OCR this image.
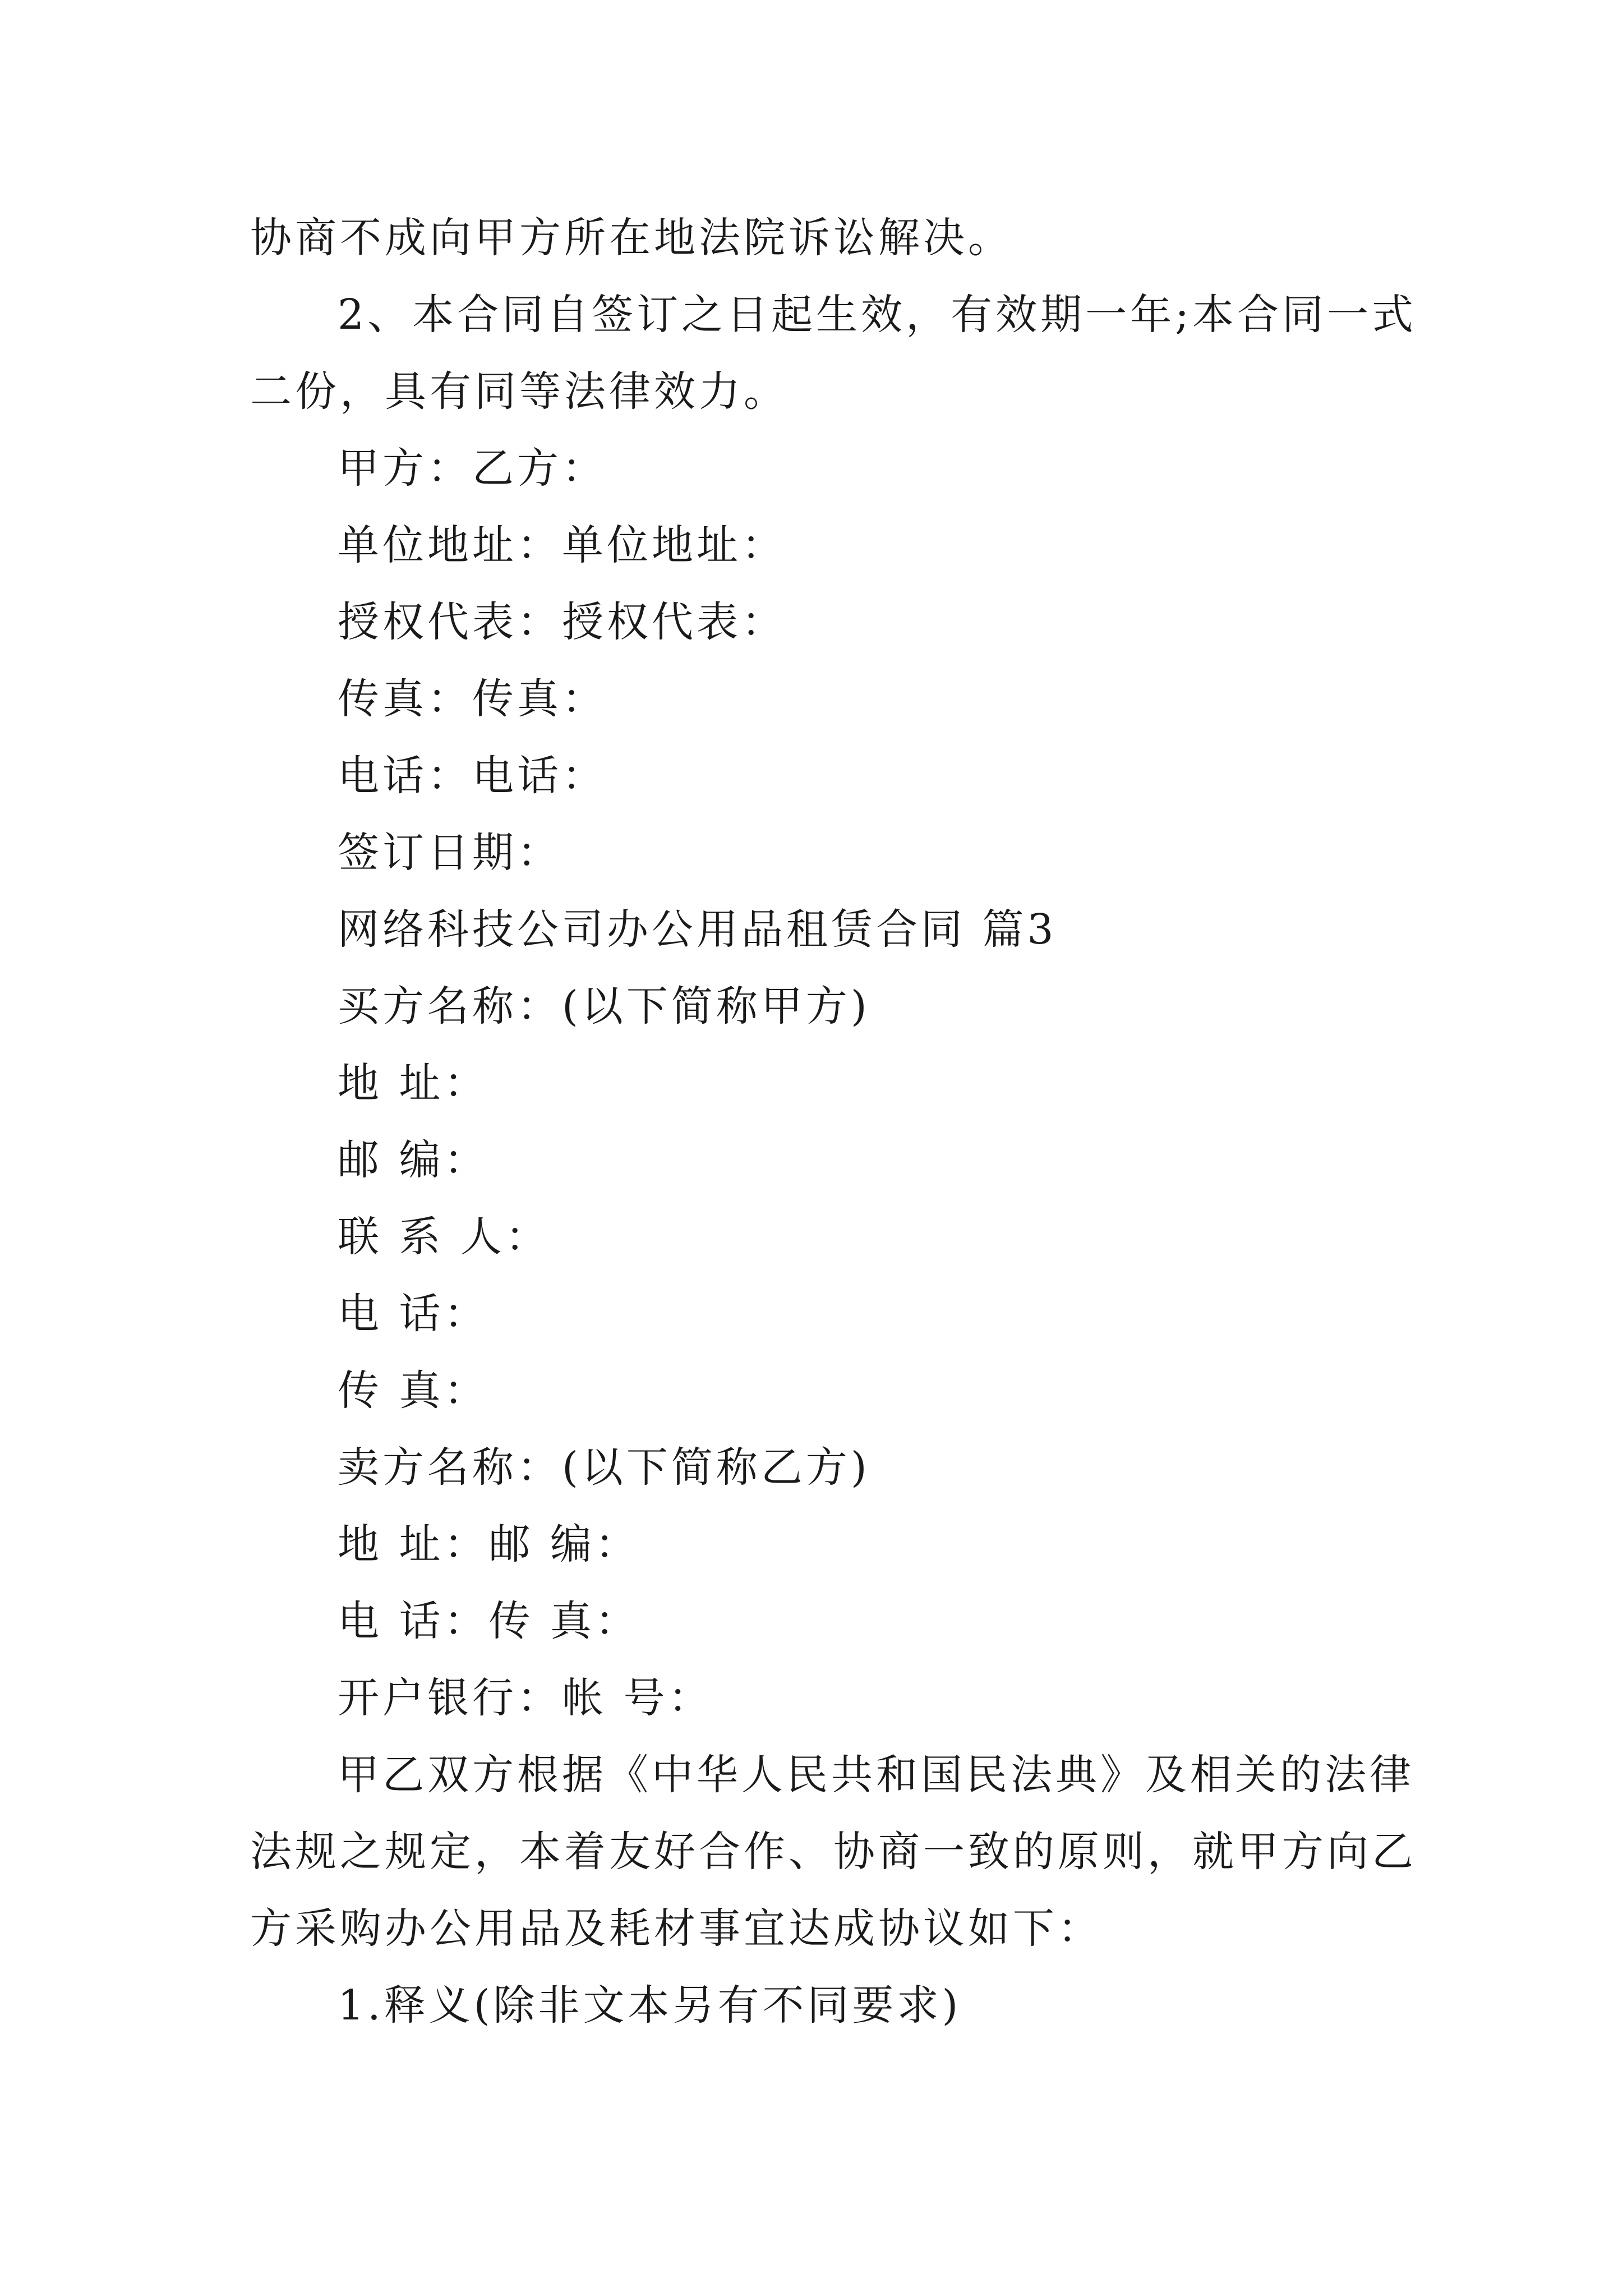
协商不成向甲方所在地法院诉讼解决。
2、本合同自签订之日起生效，有效期一年;本合同一式
二份，具有同等法律效力。
甲方：乙方：
单位地址：单位地址：
授权代表：授权代表：
传真：传真：
电话：电话：
签订日期：
网络科技公司办公用品租赁合同 篇3
买方名称：(以下简称甲方)
地 址：
邮 编：
联 系 人：
电 话：
传 真：
卖方名称：(以下简称乙方)
地 址：邮 编：
电 话：传 真：
开户银行：帐 号：
甲乙双方根据《中华人民共和国民法典》及相关的法律
法规之规定，本着友好合作、协商一致的原则，就甲方向乙
方采购办公用品及耗材事宜达成协议如下：
1.释义(除非文本另有不同要求)
